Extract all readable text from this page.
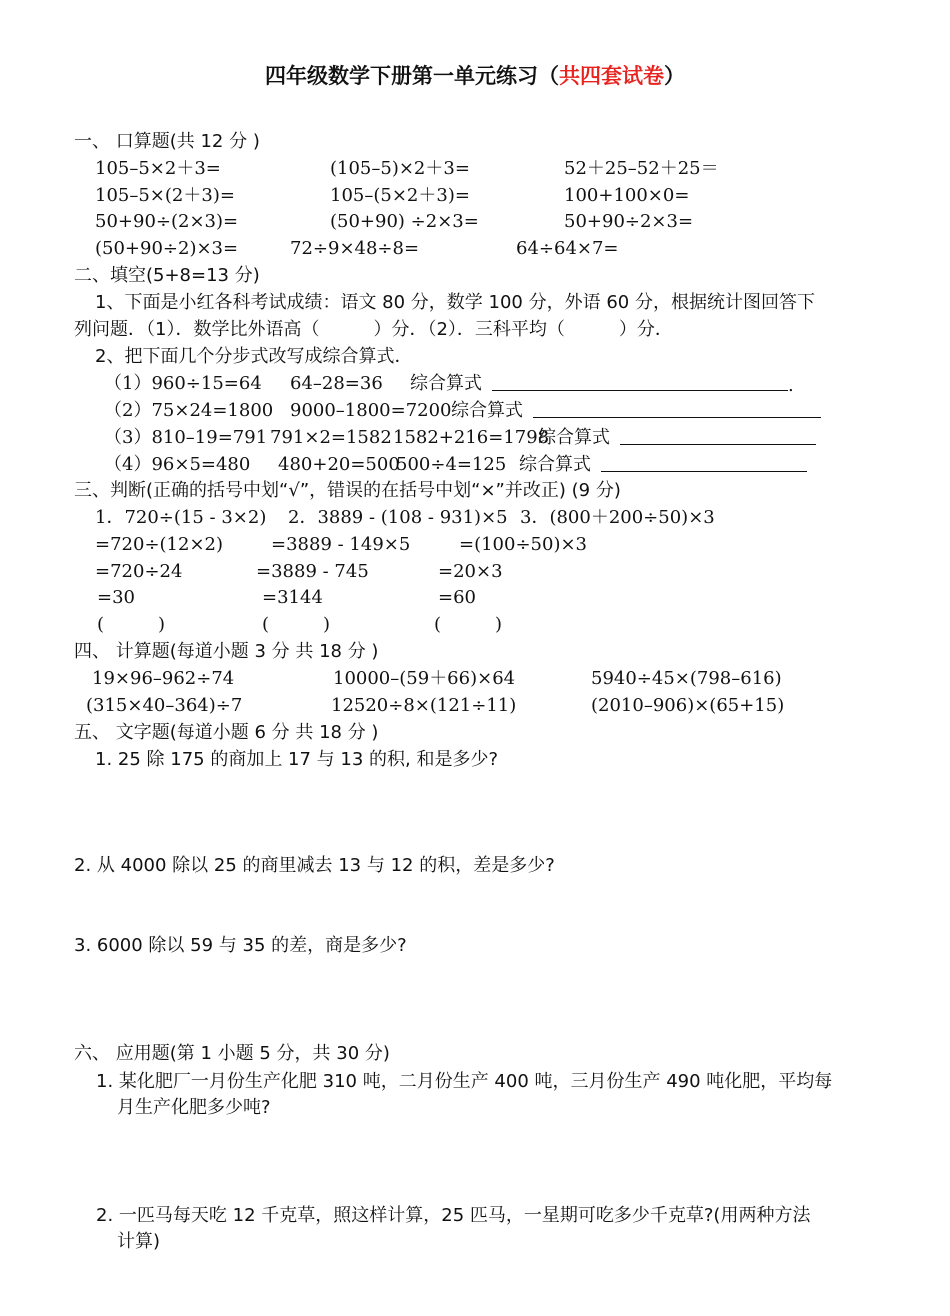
四年级数学下册第一单元练习（共四套试卷）
一、 口算题(共 12 分 )
105–5×2＋3=	(105–5)×2＋3=	52＋25–52＋25＝
105–5×(2＋3)=	105–(5×2＋3)=	100+100×0=
50+90÷(2×3)=	(50+90) ÷2×3=	50+90÷2×3=
(50+90÷2)×3=	72÷9×48÷8=	64÷64×7=
二、填空(5+8=13 分)
1、下面是小红各科考试成绩：语文 80 分，数学 100 分，外语 60 分，根据统计图回答下
列问题．（1）．数学比外语高（　　　）分．（2）．三科平均（　　　）分．
2、把下面几个分步式改写成综合算式．
（1）960÷15=64 64–28=36 综合算式	.
（2）75×24=1800 9000–1800=7200 综合算式
（3）810–19=791 791×2=1582 1582+216=1798
综合算式
（4）96×5=480 480+20=500
500÷4=125 综合算式
三、判断(正确的括号中划“√”，错误的在括号中划“×”并改正) (9 分)
1．720÷(15 - 3×2)
=720÷(12×2)
=720÷24
=30
(　　　)
2．3889 - (108 - 931)×5
=3889 - 149×5
=3889 - 745
=3144
(　　　)
3．(800＋200÷50)×3
=(100÷50)×3
=20×3
=60
(　　　)
四、 计算题(每道小题 3 分 共 18 分 )
19×96–962÷74	10000–(59＋66)×64	5940÷45×(798–616)
(315×40–364)÷7	12520÷8×(121÷11)	(2010–906)×(65+15)
五、 文字题(每道小题 6 分 共 18 分 )
1. 25 除 175 的商加上 17 与 13 的积, 和是多少?
2. 从 4000 除以 25 的商里减去 13 与 12 的积，差是多少?
3. 6000 除以 59 与 35 的差，商是多少?
六、 应用题(第 1 小题 5 分，共 30 分)
1. 某化肥厂一月份生产化肥 310 吨，二月份生产 400 吨，三月份生产 490 吨化肥，平均每
月生产化肥多少吨?
2. 一匹马每天吃 12 千克草，照这样计算，25 匹马，一星期可吃多少千克草?(用两种方法
计算)
